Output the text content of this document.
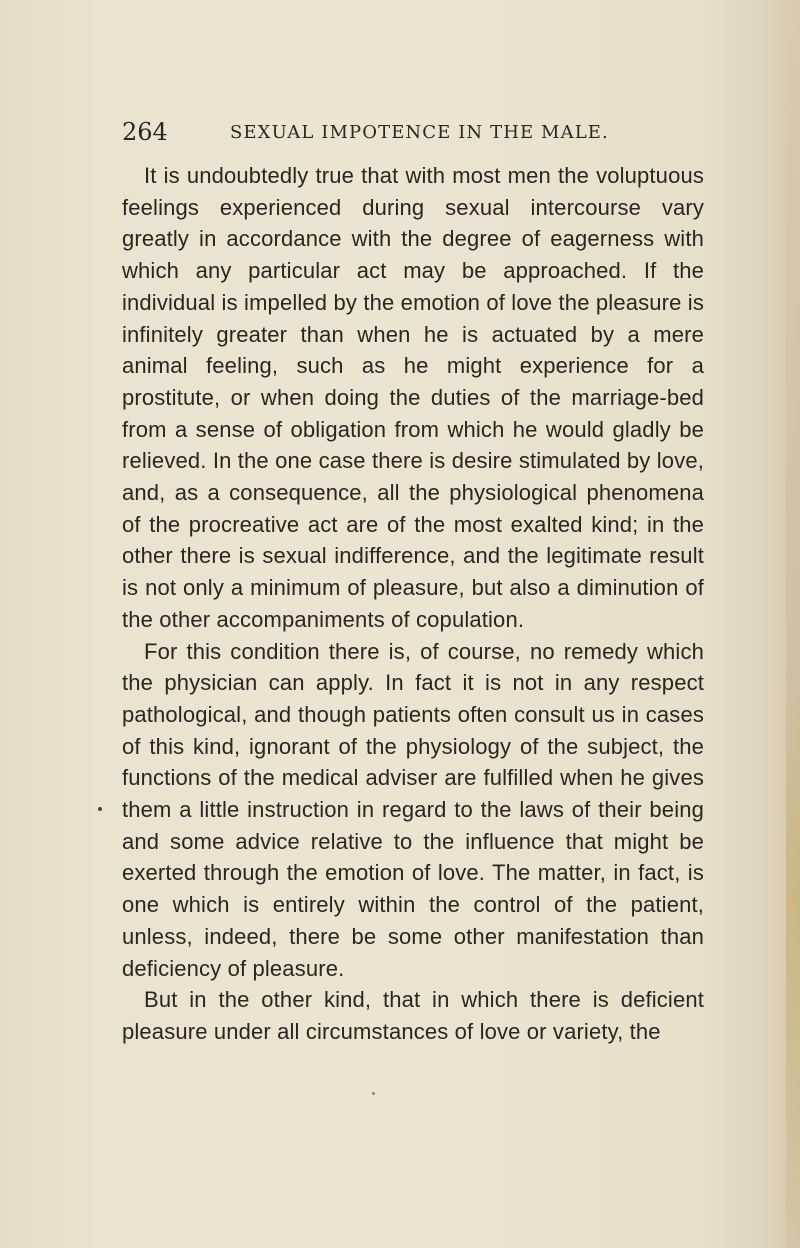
264	SEXUAL IMPOTENCE IN THE MALE.

It is undoubtedly true that with most men the voluptuous feelings experienced during sexual intercourse vary greatly in accordance with the degree of eagerness with which any particular act may be approached. If the individual is impelled by the emotion of love the pleasure is infinitely greater than when he is actuated by a mere animal feeling, such as he might experience for a prostitute, or when doing the duties of the marriage-bed from a sense of obligation from which he would gladly be relieved. In the one case there is desire stimulated by love, and, as a consequence, all the physiological phenomena of the procreative act are of the most exalted kind; in the other there is sexual indifference, and the legitimate result is not only a minimum of pleasure, but also a diminution of the other accompaniments of copulation.

For this condition there is, of course, no remedy which the physician can apply. In fact it is not in any respect pathological, and though patients often consult us in cases of this kind, ignorant of the physiology of the subject, the functions of the medical adviser are fulfilled when he gives them a little instruction in regard to the laws of their being and some advice relative to the influence that might be exerted through the emotion of love. The matter, in fact, is one which is entirely within the control of the patient, unless, indeed, there be some other manifestation than deficiency of pleasure.

But in the other kind, that in which there is deficient pleasure under all circumstances of love or variety, the
